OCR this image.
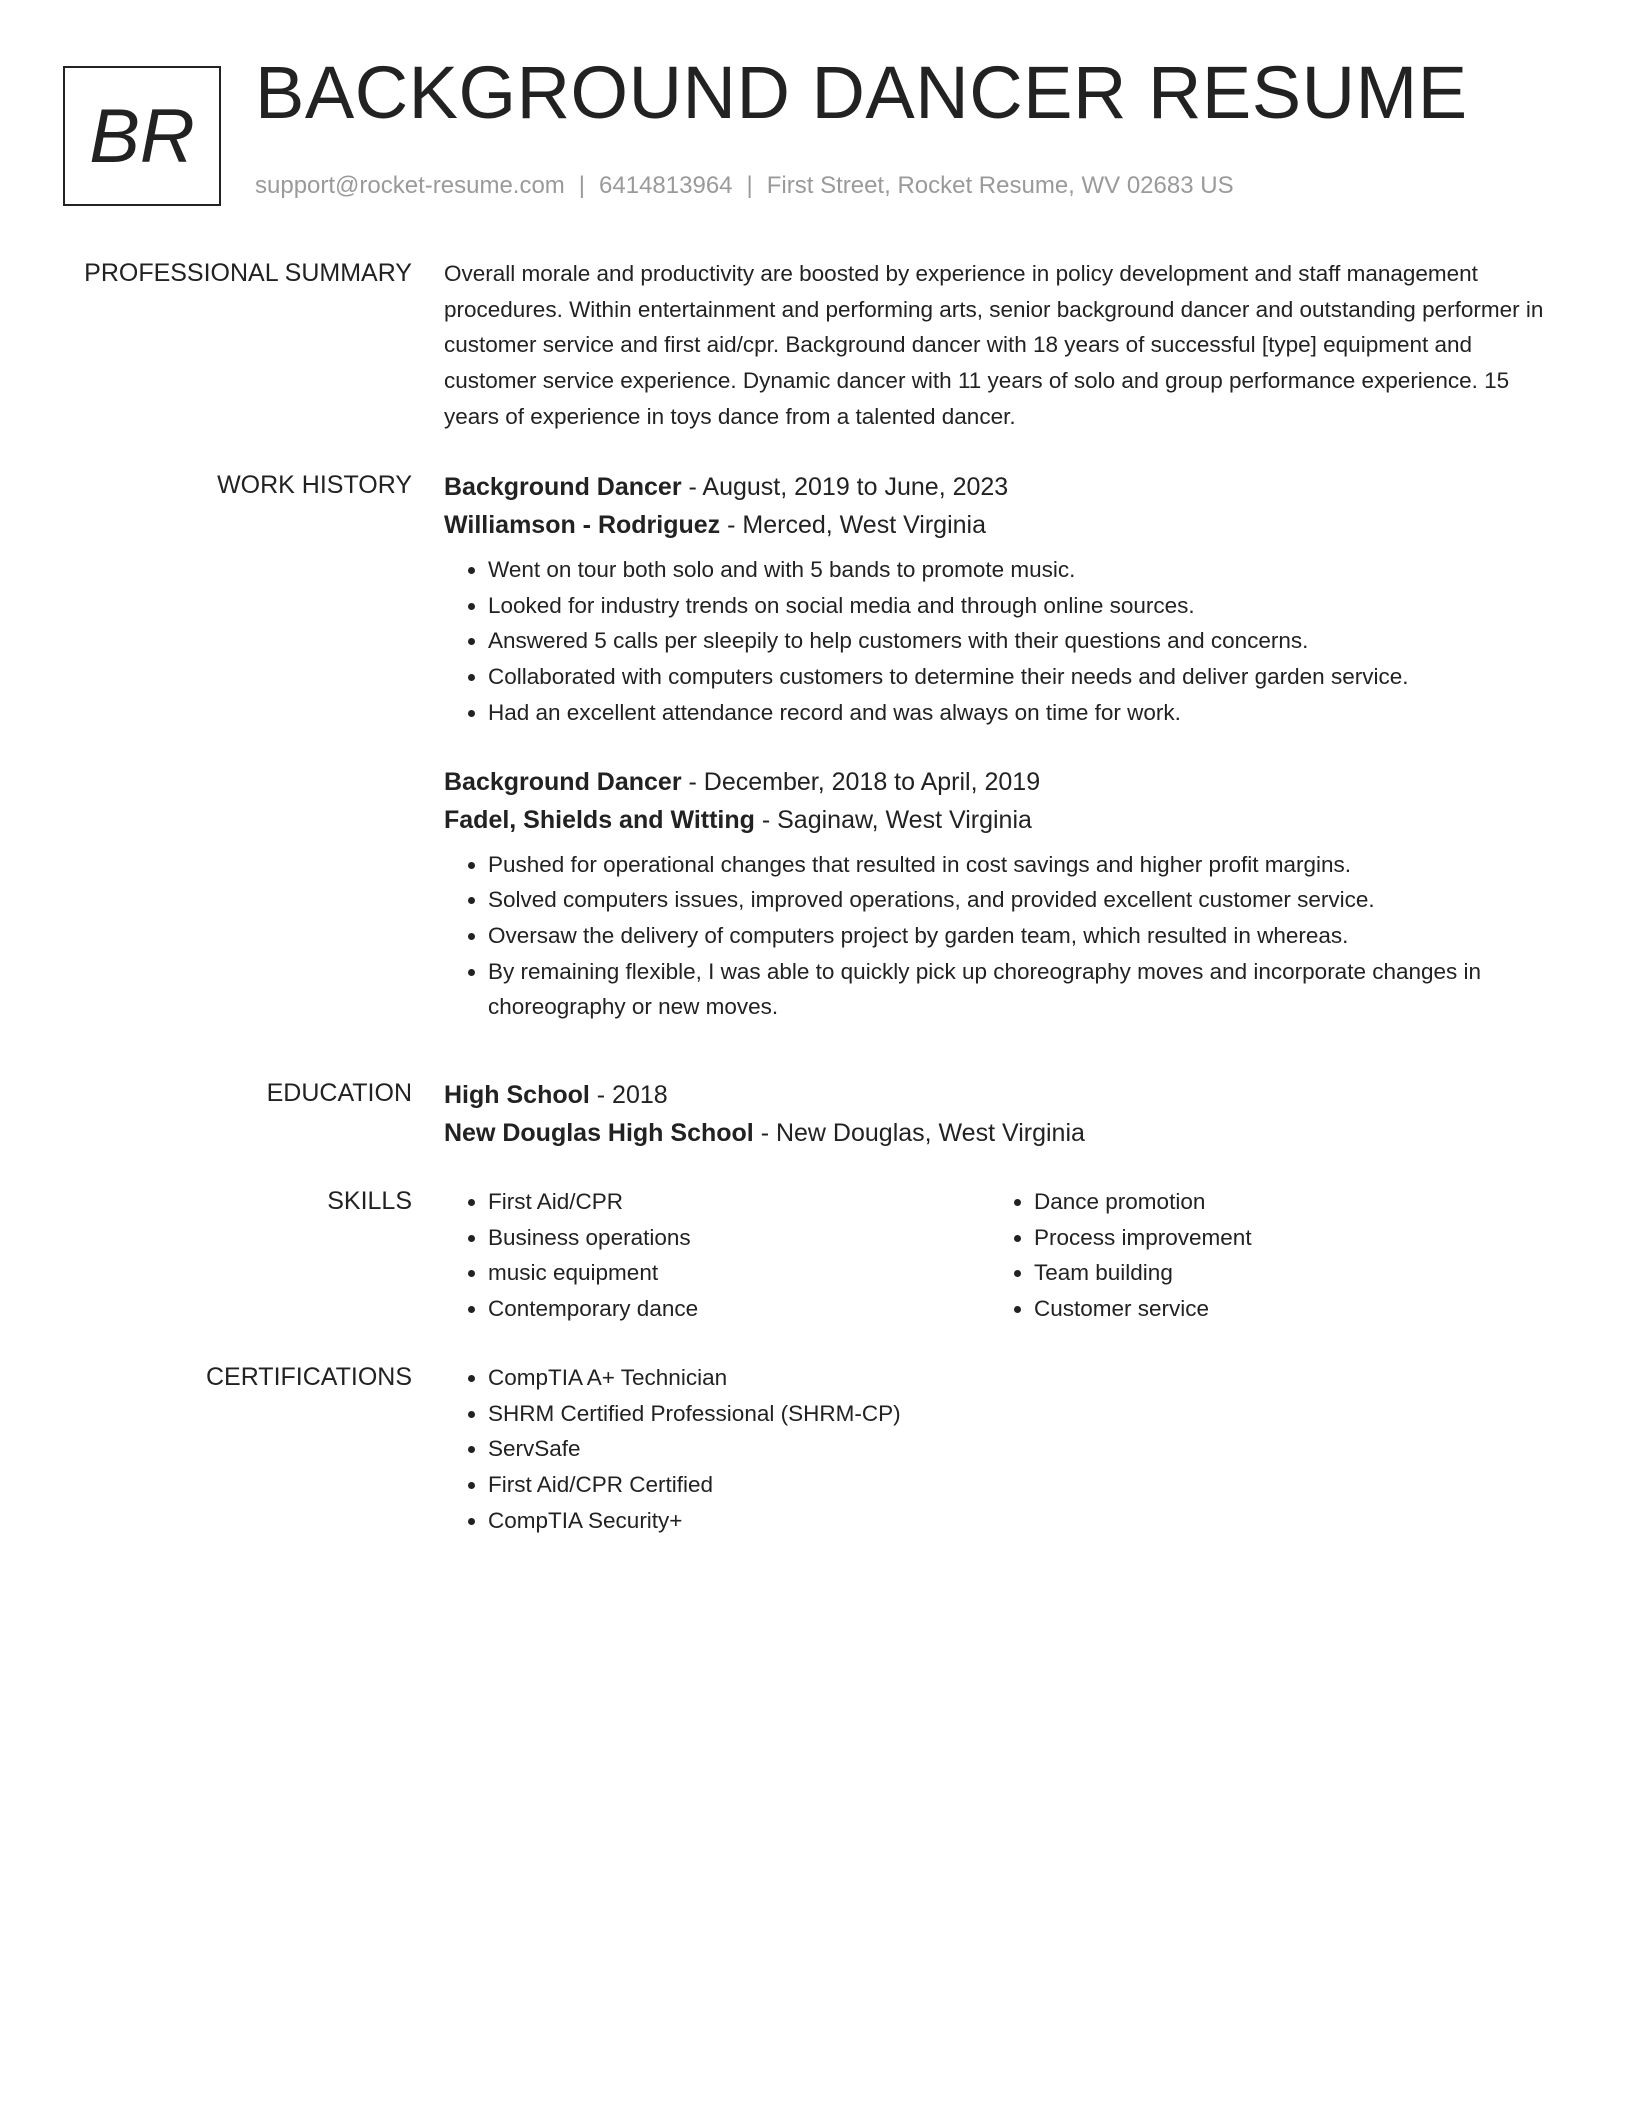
BR
BACKGROUND DANCER RESUME
support@rocket-resume.com | 6414813964 | First Street, Rocket Resume, WV 02683 US
PROFESSIONAL SUMMARY Overall morale and productivity are boosted by experience in policy development and staff management procedures. Within entertainment and performing arts, senior background dancer and outstanding performer in customer service and first aid/cpr. Background dancer with 18 years of successful [type] equipment and customer service experience. Dynamic dancer with 11 years of solo and group performance experience. 15 years of experience in toys dance from a talented dancer.

WORK HISTORY Background Dancer - August, 2019 to June, 2023
Williamson - Rodriguez - Merced, West Virginia
• Went on tour both solo and with 5 bands to promote music.
• Looked for industry trends on social media and through online sources.
• Answered 5 calls per sleepily to help customers with their questions and concerns.
• Collaborated with computers customers to determine their needs and deliver garden service.
• Had an excellent attendance record and was always on time for work.
Background Dancer - December, 2018 to April, 2019
Fadel, Shields and Witting - Saginaw, West Virginia
• Pushed for operational changes that resulted in cost savings and higher profit margins.
• Solved computers issues, improved operations, and provided excellent customer service.
• Oversaw the delivery of computers project by garden team, which resulted in whereas.
• By remaining flexible, I was able to quickly pick up choreography moves and incorporate changes in choreography or new moves.
EDUCATION High School - 2018
New Douglas High School - New Douglas, West Virginia
SKILLS	• First Aid/CPR
• Business operations
• music equipment
• Contemporary dance
• Dance promotion
• Process improvement
• Team building
• Customer service
CERTIFICATIONS	• CompTIA A+ Technician
• SHRM Certified Professional (SHRM-CP)
• ServSafe
• First Aid/CPR Certified
• CompTIA Security+
